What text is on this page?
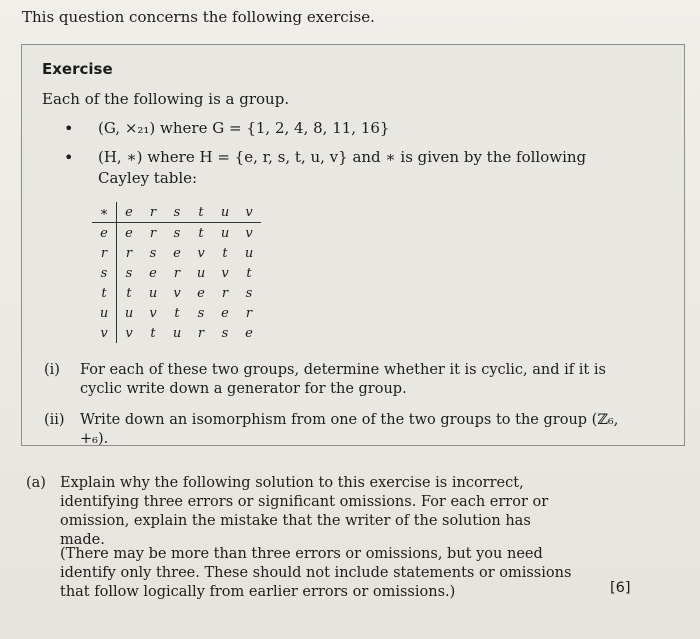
This question concerns the following exercise.
Exercise
Each of the following is a group.
• (G, ×₂₁) where G = {1, 2, 4, 8, 11, 16}
• (H, ∗) where H = {e, r, s, t, u, v} and ∗ is given by the following
Cayley table:
∗	e	r	s	t	u	v
e	e	r	s	t	u	v
r	r	s	e	v	t	u
s	s	e	r	u	v	t
t	t	u	v	e	r	s
u	u	v	t	s	e	r
v	v	t	u	r	s	e
(i) For each of these two groups, determine whether it is cyclic, and if it is cyclic write down a generator for the group.
(ii) Write down an isomorphism from one of the two groups to the group (ℤ₆, +₆).
(a) Explain why the following solution to this exercise is incorrect, identifying three errors or significant omissions. For each error or omission, explain the mistake that the writer of the solution has made.
(There may be more than three errors or omissions, but you need identify only three. These should not include statements or omissions that follow logically from earlier errors or omissions.)	[6]
